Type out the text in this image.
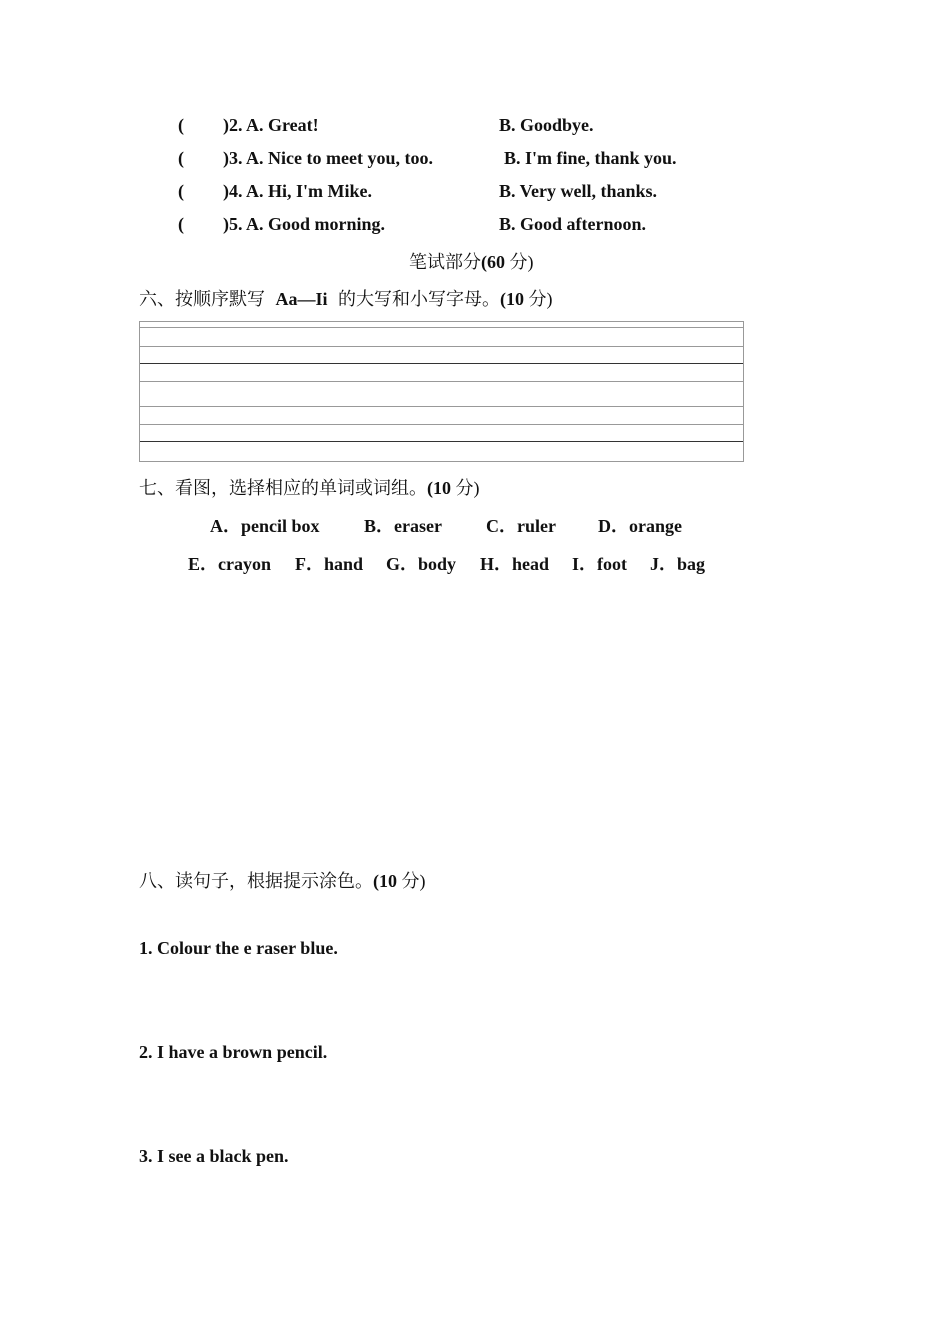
( )2. A. Great!	B. Goodbye.
( )3. A. Nice to meet you, too.	B. I'm fine, thank you.
( )4. A. Hi, I'm Mike.	B. Very well, thanks.
( )5. A. Good morning.	B. Good afternoon.
笔试部分(60 分)
六、按顺序默写 Aa—Ii 的大写和小写字母。(10 分)
七、看图，选择相应的单词或词组。(10 分)
A．pencil box B．eraser C．ruler D．orange
E．crayon F．hand G．body H．head I．foot J．bag
八、读句子，根据提示涂色。(10 分)
1. Colour the e raser blue.
2. I have a brown pencil.
3. I see a black pen.
